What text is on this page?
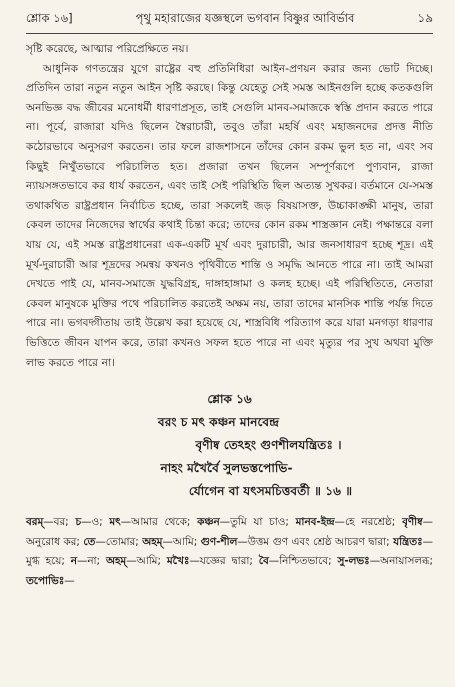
শ্লোক ১৬]	পৃথু মহারাজের যজ্ঞস্থলে ভগবান বিষ্ণুর আবির্ভাব	১৯

সৃষ্টি করেছে, আত্মার পরিপ্রেক্ষিতে নয়।

আধুনিক গণতন্ত্রের যুগে রাষ্ট্রের বহু প্রতিনিধিরা আইন-প্রণয়ন করার জন্য ভোট দিচ্ছে। প্রতিদিন তারা নতুন নতুন আইন সৃষ্টি করছে। কিন্তু যেহেতু সেই সমস্ত আইনগুলি হচ্ছে কতকগুলি অনভিজ্ঞ বদ্ধ জীবের মনোধর্মী ধারণাপ্রসূত, তাই সেগুলি মানব-সমাজকে স্বস্তি প্রদান করতে পারে না। পূর্বে, রাজারা যদিও ছিলেন স্বৈরাচারী, তবুও তাঁরা মহর্ষি এবং মহাজনদের প্রদত্ত নীতি কঠোরভাবে অনুসরণ করতেন। তার ফলে রাজশাসনে তাঁদের কোন রকম ভুল হত না, এবং সব কিছুই নিখুঁতভাবে পরিচালিত হত। প্রজারা তখন ছিলেন সম্পূর্ণরূপে পুণ্যবান, রাজা ন্যায়সঙ্গতভাবে কর ধার্য করতেন, এবং তাই সেই পরিস্থিতি ছিল অত্যন্ত সুখকর। বর্তমানে যে-সমস্ত তথাকথিত রাষ্ট্রপ্রধান নির্বাচিত হচ্ছে, তারা সকলেই জড় বিষয়াসক্ত, উচ্চাকাঙ্ক্ষী মানুষ, তারা কেবল তাদের নিজেদের স্বার্থের কথাই চিন্তা করে; তাদের কোন রকম শাস্ত্রজ্ঞান নেই। পক্ষান্তরে বলা যায় যে, এই সমস্ত রাষ্ট্রপ্রধানেরা এক-একটি মূর্খ এবং দুরাচারী, আর জনসাধারণ হচ্ছে শূদ্র। এই মূর্খ-দুরাচারী আর শূদ্রদের সমন্বয় কখনও পৃথিবীতে শান্তি ও সমৃদ্ধি আনতে পারে না। তাই আমরা দেখতে পাই যে, মানব-সমাজে যুদ্ধবিগ্রহ, দাঙ্গাহাঙ্গামা ও কলহ হচ্ছে। এই পরিস্থিতিতে, নেতারা কেবল মানুষকে মুক্তির পথে পরিচালিত করতেই অক্ষম নয়, তারা তাদের মানসিক শান্তি পর্যন্ত দিতে পারে না। ভগবদ্গীতায় তাই উল্লেখ করা হয়েছে যে, শাস্ত্রবিধি পরিত্যাগ করে যারা মনগড়া ধারণার ভিত্তিতে জীবন যাপন করে, তারা কখনও সফল হতে পারে না এবং মৃত্যুর পর সুখ অথবা মুক্তি লাভ করতে পারে না।

শ্লোক ১৬
বরং চ মৎ কঞ্চন মানবেন্দ্র
বৃণীষ্ব তেঽহং গুণশীলযন্ত্রিতঃ ।
নাহং মখৈর্বৈ সুলভস্তপোভি-
র্যোগেন বা যৎসমচিত্তবর্তী ॥ ১৬ ॥
বরম্—বর; চ—ও; মৎ—আমার থেকে; কঞ্চন—তুমি যা চাও; মানব-ইন্দ্র—হে নরশ্রেষ্ঠ; বৃণীষ্ব—অনুরোধ কর; তে—তোমার; অহম্—আমি; গুণ-শীল—উত্তম গুণ এবং শ্রেষ্ঠ আচরণ দ্বারা; যন্ত্রিতঃ—মুগ্ধ হয়ে; ন—না; অহম্—আমি; মখৈঃ—যজ্ঞের দ্বারা; বৈ—নিশ্চিতভাবে; সু-লভঃ—অনায়াসলব্ধ; তপোভিঃ—
